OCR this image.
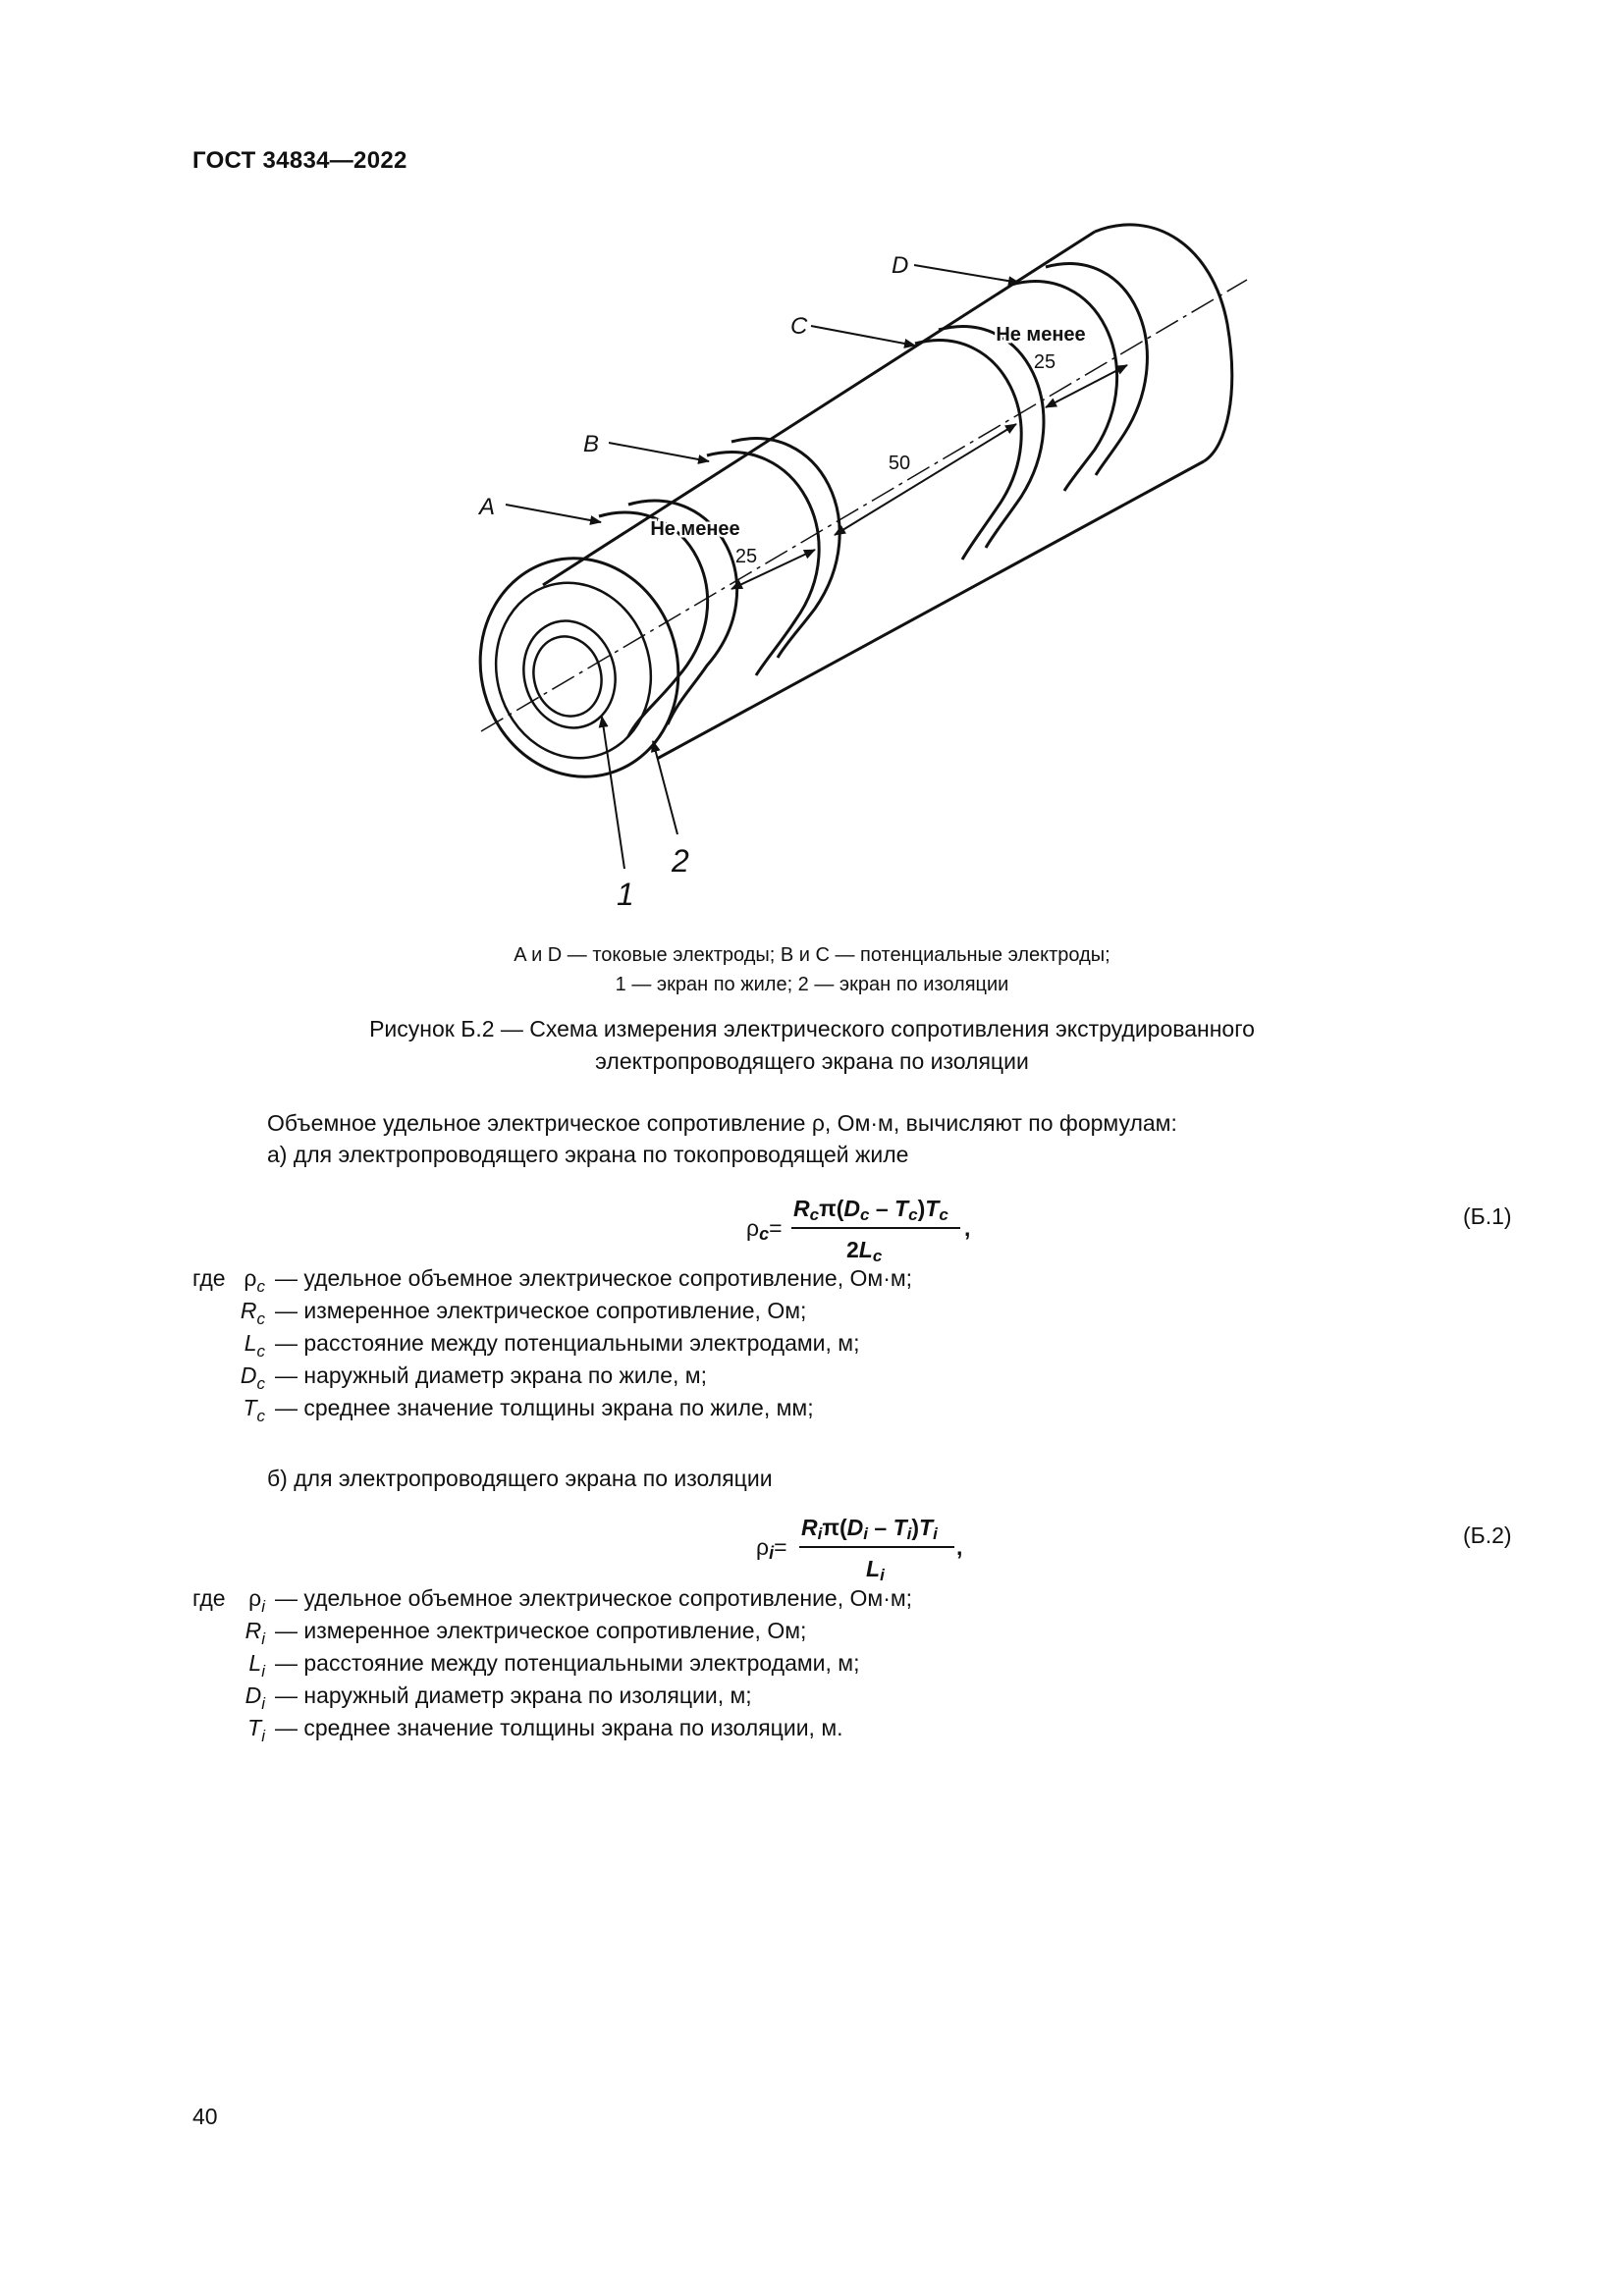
ГОСТ 34834—2022
A
B
C
D
1
2
Не менее
25
50
Не менее
25
A и D — токовые электроды; B и C — потенциальные электроды;
1 — экран по жиле; 2 — экран по изоляции
Рисунок Б.2 — Схема измерения электрического сопротивления экструдированного
электропроводящего экрана по изоляции
Объемное удельное электрическое сопротивление ρ, Ом·м, вычисляют по формулам:
а) для электропроводящего экрана по токопроводящей жиле
ρc=
Rcπ(Dc – Tc)Tc
,
2Lc
(Б.1)
где $\rho_c$ — удельное объемное электрическое сопротивление, Ом·м;
$R_c$ — измеренное электрическое сопротивление, Ом;
$L_c$ — расстояние между потенциальными электродами, м;
$D_c$ — наружный диаметр экрана по жиле, м;
$T_c$ — среднее значение толщины экрана по жиле, мм;
б) для электропроводящего экрана по изоляции
ρi=
Riπ(Di – Ti)Ti
,
Li
(Б.2)
где	$\rho_i$ — удельное объемное электрическое сопротивление, Ом·м;
$R_i$ — измеренное электрическое сопротивление, Ом;
$L_i$ — расстояние между потенциальными электродами, м;
$D_i$ — наружный диаметр экрана по изоляции, м;
$T_i$ — среднее значение толщины экрана по изоляции, м.
40
